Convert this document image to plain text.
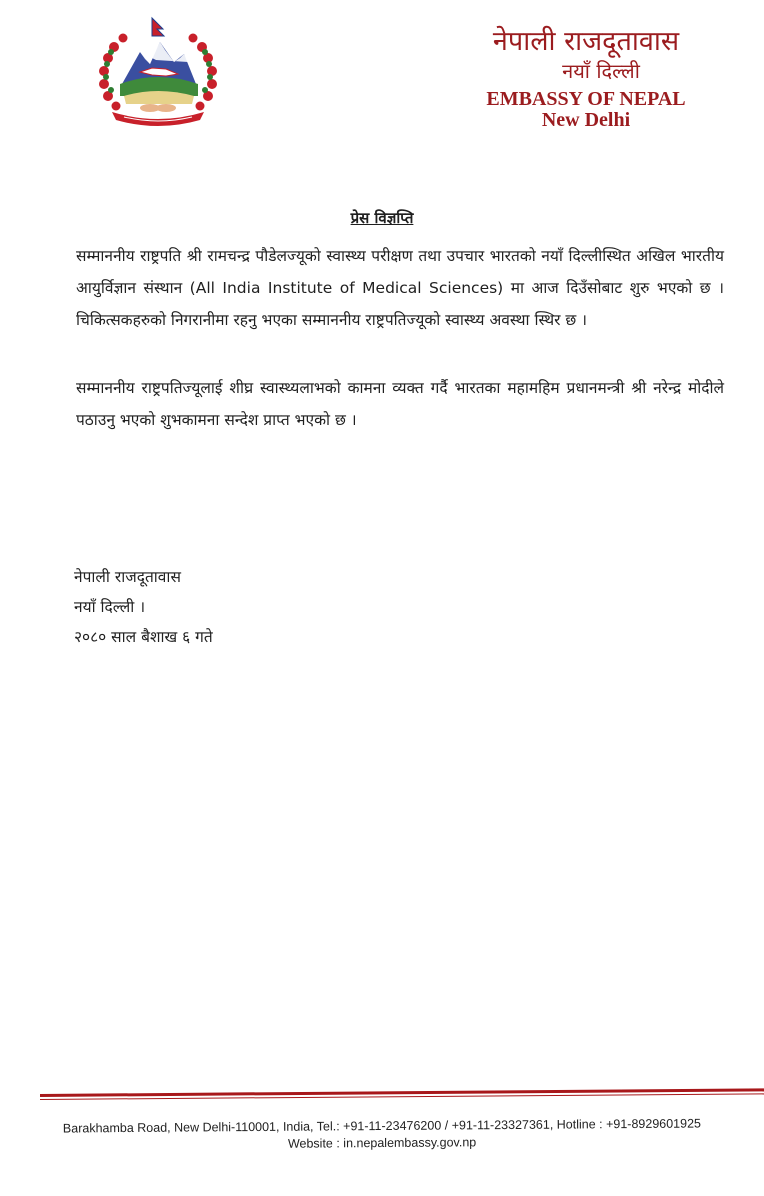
नेपाली राजदूतावास
नयाँ दिल्ली
EMBASSY OF NEPAL
New Delhi
प्रेस विज्ञप्ति
सम्माननीय राष्ट्रपति श्री रामचन्द्र पौडेलज्यूको स्वास्थ्य परीक्षण तथा उपचार भारतको नयाँ दिल्लीस्थित अखिल भारतीय आयुर्विज्ञान संस्थान (All India Institute of Medical Sciences) मा आज दिउँसोबाट शुरु भएको छ । चिकित्सकहरुको निगरानीमा रहनु भएका सम्माननीय राष्ट्रपतिज्यूको स्वास्थ्य अवस्था स्थिर छ ।
सम्माननीय राष्ट्रपतिज्यूलाई शीघ्र स्वास्थ्यलाभको कामना व्यक्त गर्दै भारतका महामहिम प्रधानमन्त्री श्री नरेन्द्र मोदीले पठाउनु भएको शुभकामना सन्देश प्राप्त भएको छ ।
नेपाली राजदूतावास
नयाँ दिल्ली ।
२०८० साल बैशाख ६ गते
Barakhamba Road, New Delhi-110001, India, Tel.: +91-11-23476200 / +91-11-23327361, Hotline : +91-8929601925
Website : in.nepalembassy.gov.np
